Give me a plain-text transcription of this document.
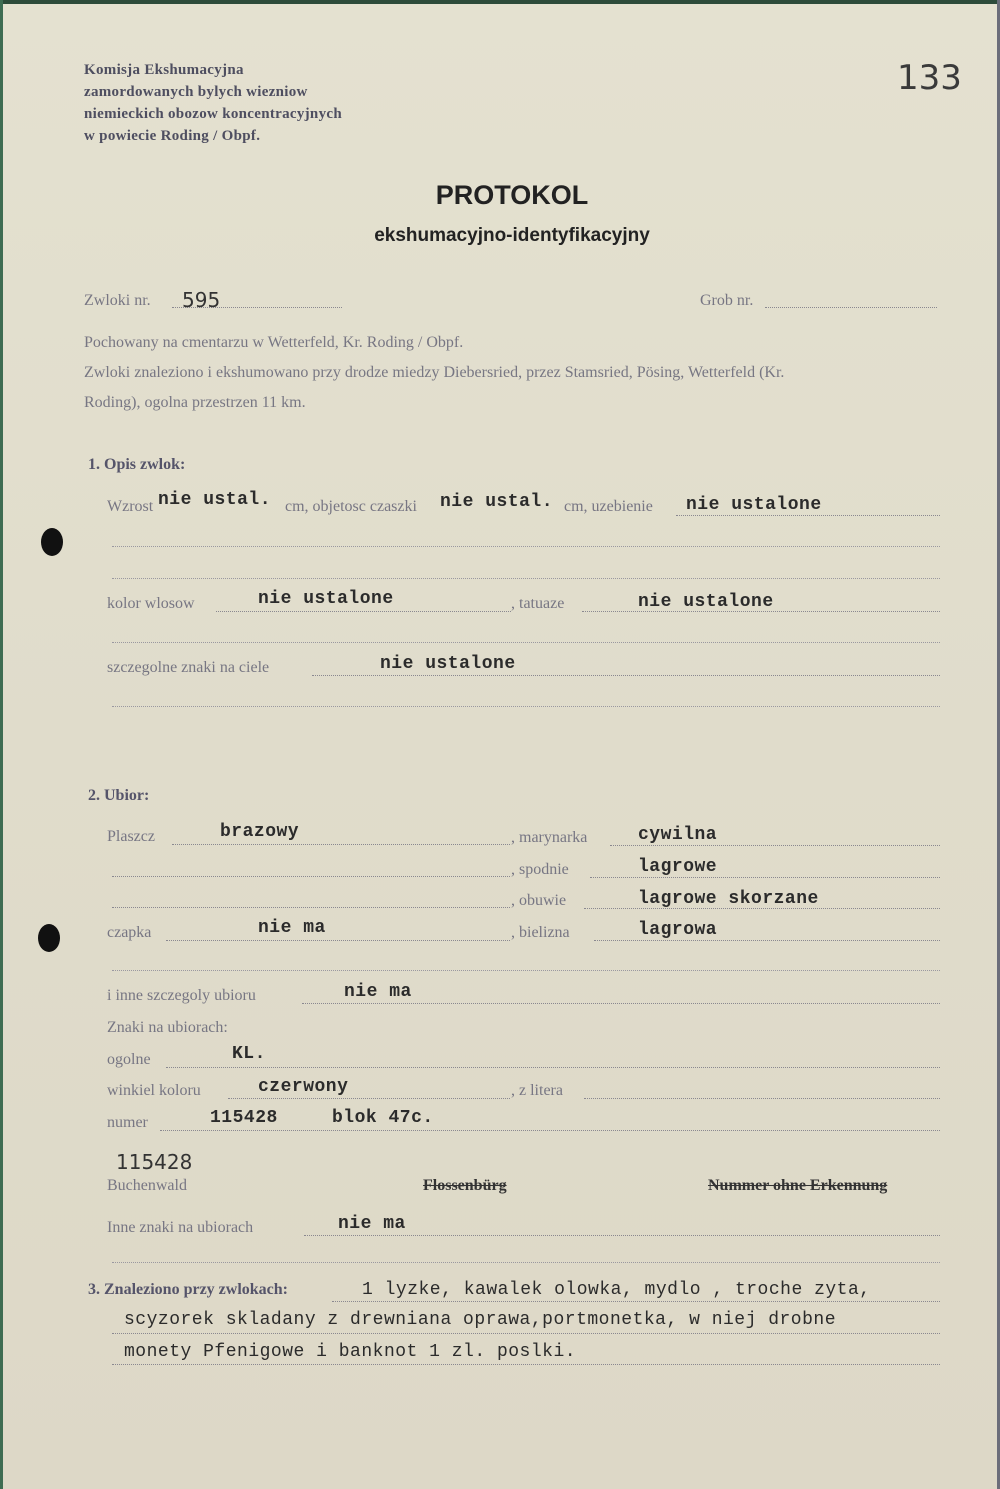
133
Komisja Ekshumacyjna
zamordowanych bylych wiezniow
niemieckich obozow koncentracyjnych
w powiecie Roding / Obpf.
PROTOKOL
ekshumacyjno-identyfikacyjny
Zwloki nr. 595	Grob nr.
Pochowany na cmentarzu w Wetterfeld, Kr. Roding / Obpf.
Zwloki znaleziono i ekshumowano przy drodze miedzy Diebersried, przez Stamsried, Pösing, Wetterfeld (Kr.
Roding), ogolna przestrzen 11 km.
1. Opis zwlok:
Wzrost nie ustal. cm, objetosc czaszki nie ustal. cm, uzebienie nie ustalone
kolor wlosow	nie ustalone	, tatuaze	nie ustalone
szczegolne znaki na ciele	nie ustalone
2. Ubior:
Plaszcz	brazowy	, marynarka	cywilna
, spodnie	lagrowe
, obuwie	lagrowe skorzane
czapka	nie ma	, bielizna	lagrowa
i inne szczegoly ubioru	nie ma
Znaki na ubiorach:
ogolne	KL.
winkiel koloru	czerwony	, z litera
numer	115428	blok 47c.
115428
Buchenwald	Flossenbürg	Nummer ohne Erkennung
Inne znaki na ubiorach	nie ma
3. Znaleziono przy zwlokach:	1 lyzke, kawalek olowka, mydlo , troche zyta,
scyzorek skladany z drewniana oprawa,portmonetka, w niej drobne
monety Pfenigowe i banknot 1 zl. poslki.
